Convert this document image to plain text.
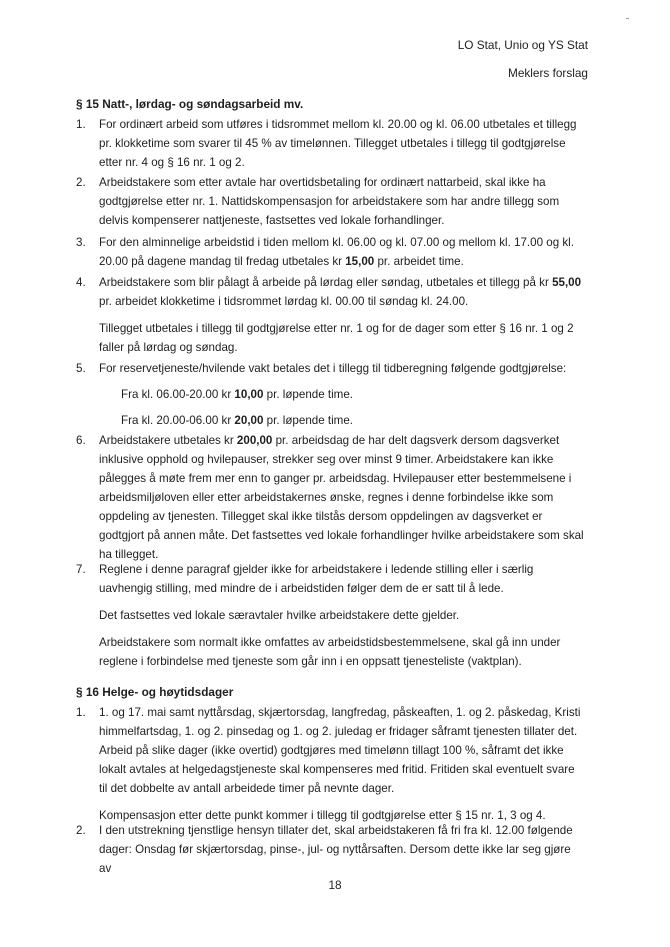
LO Stat, Unio og YS Stat
Meklers forslag
§ 15 Natt-, lørdag- og søndagsarbeid mv.
1. For ordinært arbeid som utføres i tidsrommet mellom kl. 20.00 og kl. 06.00 utbetales et tillegg pr. klokketime som svarer til 45 % av timelønnen. Tillegget utbetales i tillegg til godtgjørelse etter nr. 4 og § 16 nr. 1 og 2.

2. Arbeidstakere som etter avtale har overtidsbetaling for ordinært nattarbeid, skal ikke ha godtgjørelse etter nr. 1. Nattidskompensasjon for arbeidstakere som har andre tillegg som delvis kompenserer nattjeneste, fastsettes ved lokale forhandlinger.

3. For den alminnelige arbeidstid i tiden mellom kl. 06.00 og kl. 07.00 og mellom kl. 17.00 og kl. 20.00 på dagene mandag til fredag utbetales kr 15,00 pr. arbeidet time.

4. Arbeidstakere som blir pålagt å arbeide på lørdag eller søndag, utbetales et tillegg på kr 55,00 pr. arbeidet klokketime i tidsrommet lørdag kl. 00.00 til søndag kl. 24.00.

Tillegget utbetales i tillegg til godtgjørelse etter nr. 1 og for de dager som etter § 16 nr. 1 og 2 faller på lørdag og søndag.

5. For reservetjeneste/hvilende vakt betales det i tillegg til tidberegning følgende godtgjørelse:

Fra kl. 06.00-20.00 kr 10,00 pr. løpende time.

Fra kl. 20.00-06.00 kr 20,00 pr. løpende time.

6. Arbeidstakere utbetales kr 200,00 pr. arbeidsdag de har delt dagsverk dersom dagsverket inklusive opphold og hvilepauser, strekker seg over minst 9 timer. Arbeidstakere kan ikke pålegges å møte frem mer enn to ganger pr. arbeidsdag. Hvilepauser etter bestemmelsene i arbeidsmiljøloven eller etter arbeidstakernes ønske, regnes i denne forbindelse ikke som oppdeling av tjenesten. Tillegget skal ikke tilstås dersom oppdelingen av dagsverket er godtgjort på annen måte. Det fastsettes ved lokale forhandlinger hvilke arbeidstakere som skal ha tillegget.

7. Reglene i denne paragraf gjelder ikke for arbeidstakere i ledende stilling eller i særlig uavhengig stilling, med mindre de i arbeidstiden følger dem de er satt til å lede.

Det fastsettes ved lokale særavtaler hvilke arbeidstakere dette gjelder.

Arbeidstakere som normalt ikke omfattes av arbeidstidsbestemmelsene, skal gå inn under reglene i forbindelse med tjeneste som går inn i en oppsatt tjenesteliste (vaktplan).

§ 16 Helge- og høytidsdager
1. 1. og 17. mai samt nyttårsdag, skjærtorsdag, langfredag, påskeaften, 1. og 2. påskedag, Kristi himmelfartsdag, 1. og 2. pinsedag og 1. og 2. juledag er fridager såframt tjenesten tillater det. Arbeid på slike dager (ikke overtid) godtgjøres med timelønn tillagt 100 %, såframt det ikke lokalt avtales at helgedagstjeneste skal kompenseres med fritid. Fritiden skal eventuelt svare til det dobbelte av antall arbeidede timer på nevnte dager.

Kompensasjon etter dette punkt kommer i tillegg til godtgjørelse etter § 15 nr. 1, 3 og 4.

2. I den utstrekning tjenstlige hensyn tillater det, skal arbeidstakeren få fri fra kl. 12.00 følgende dager: Onsdag før skjærtorsdag, pinse-, jul- og nyttårsaften. Dersom dette ikke lar seg gjøre av

18
